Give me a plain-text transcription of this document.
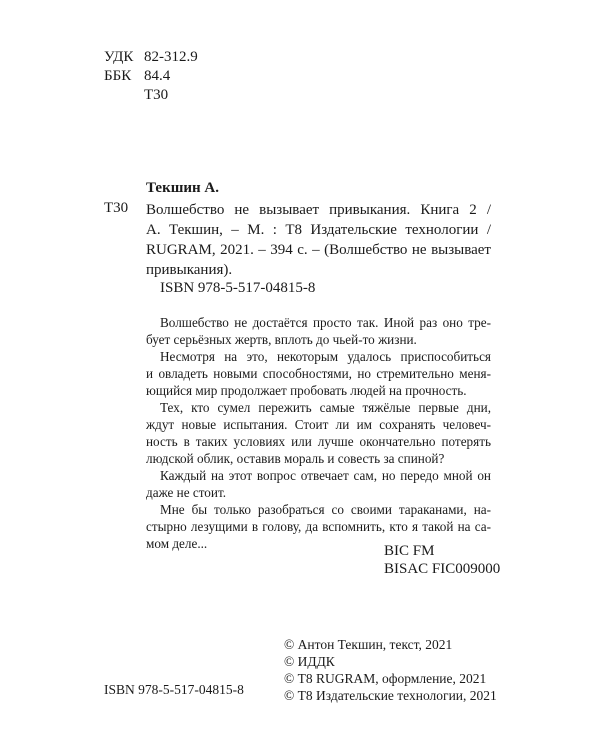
УДК 82-312.9
ББК 84.4
Т30
Текшин А.
Т30 Волшебство не вызывает привыкания. Книга 2 /
А. Текшин, – М. : Т8 Издательские технологии /
RUGRAM, 2021. – 394 с. – (Волшебство не вызывает
привыкания).
ISBN 978-5-517-04815-8

Волшебство не достаётся просто так. Иной раз оно тре-

бует серьёзных жертв, вплоть до чьей-то жизни.

Несмотря на это, некоторым удалось приспособиться

и овладеть новыми способностями, но стремительно меня-

ющийся мир продолжает пробовать людей на прочность.

Тех, кто сумел пережить самые тяжёлые первые дни,

ждут новые испытания. Стоит ли им сохранять человеч-

ность в таких условиях или лучше окончательно потерять

людской облик, оставив мораль и совесть за спиной?

Каждый на этот вопрос отвечает сам, но передо мной он

даже не стоит.

Мне бы только разобраться со своими тараканами, на-

стырно лезущими в голову, да вспомнить, кто я такой на са-

мом деле...	BIC FM
BISAC FIC009000
© Антон Текшин, текст, 2021
© ИДДК
© Т8 RUGRAM, оформление, 2021
© Т8 Издательские технологии, 2021
ISBN 978-5-517-04815-8
